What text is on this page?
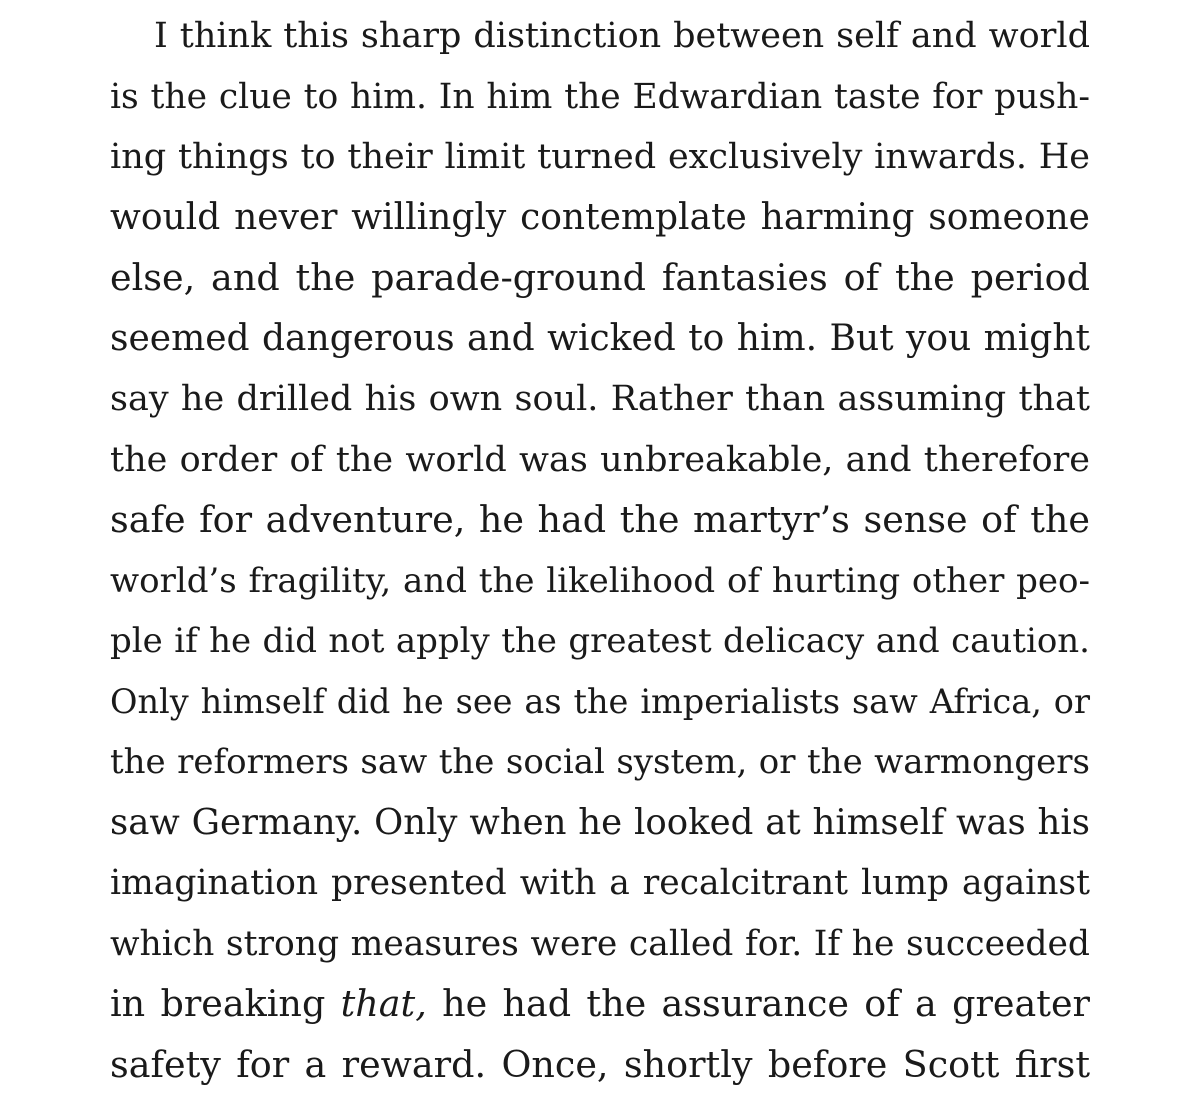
I think this sharp distinction between self and world
is the clue to him. In him the Edwardian taste for push-
ing things to their limit turned exclusively inwards. He
would never willingly contemplate harming someone
else, and the parade-ground fantasies of the period
seemed dangerous and wicked to him. But you might
say he drilled his own soul. Rather than assuming that
the order of the world was unbreakable, and therefore
safe for adventure, he had the martyr’s sense of the
world’s fragility, and the likelihood of hurting other peo-
ple if he did not apply the greatest delicacy and caution.
Only himself did he see as the imperialists saw Africa, or
the reformers saw the social system, or the warmongers
saw Germany. Only when he looked at himself was his
imagination presented with a recalcitrant lump against
which strong measures were called for. If he succeeded
in breaking that, he had the assurance of a greater
safety for a reward. Once, shortly before Scott first
